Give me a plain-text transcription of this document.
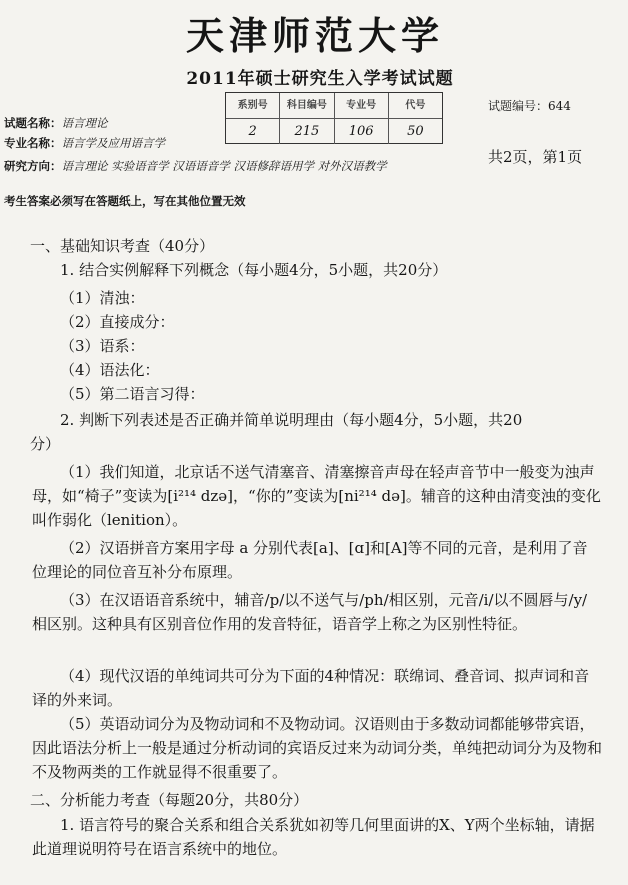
天津师范大学
2011年硕士研究生入学考试试题
系别号	科目编号	专业号	代号
2	215	106	50
试题编号：644
试题名称：语言理论
专业名称：语言学及应用语言学
研究方向：语言理论 实验语音学 汉语语音学 汉语修辞语用学 对外汉语教学	共2页，第1页
考生答案必须写在答题纸上，写在其他位置无效
一、基础知识考查（40分）
1. 结合实例解释下列概念（每小题4分，5小题，共20分）
（1）清浊：
（2）直接成分：
（3）语系：
（4）语法化：
（5）第二语言习得：
2. 判断下列表述是否正确并简单说明理由（每小题4分，5小题，共20
分）
（1）我们知道，北京话不送气清塞音、清塞擦音声母在轻声音节中一般变为浊声母，如“椅子”变读为[i²¹⁴ dzə]，“你的”变读为[ni²¹⁴ də]。辅音的这种由清变浊的变化叫作弱化（lenition）。
（2）汉语拼音方案用字母 a 分别代表[a]、[ɑ]和[A]等不同的元音，是利用了音位理论的同位音互补分布原理。
（3）在汉语语音系统中，辅音/p/以不送气与/ph/相区别，元音/i/以不圆唇与/y/相区别。这种具有区别音位作用的发音特征，语音学上称之为区别性特征。
（4）现代汉语的单纯词共可分为下面的4种情况：联绵词、叠音词、拟声词和音译的外来词。
（5）英语动词分为及物动词和不及物动词。汉语则由于多数动词都能够带宾语，因此语法分析上一般是通过分析动词的宾语反过来为动词分类，单纯把动词分为及物和不及物两类的工作就显得不很重要了。
二、分析能力考查（每题20分，共80分）
1. 语言符号的聚合关系和组合关系犹如初等几何里面讲的X、Y两个坐标轴，请据此道理说明符号在语言系统中的地位。
